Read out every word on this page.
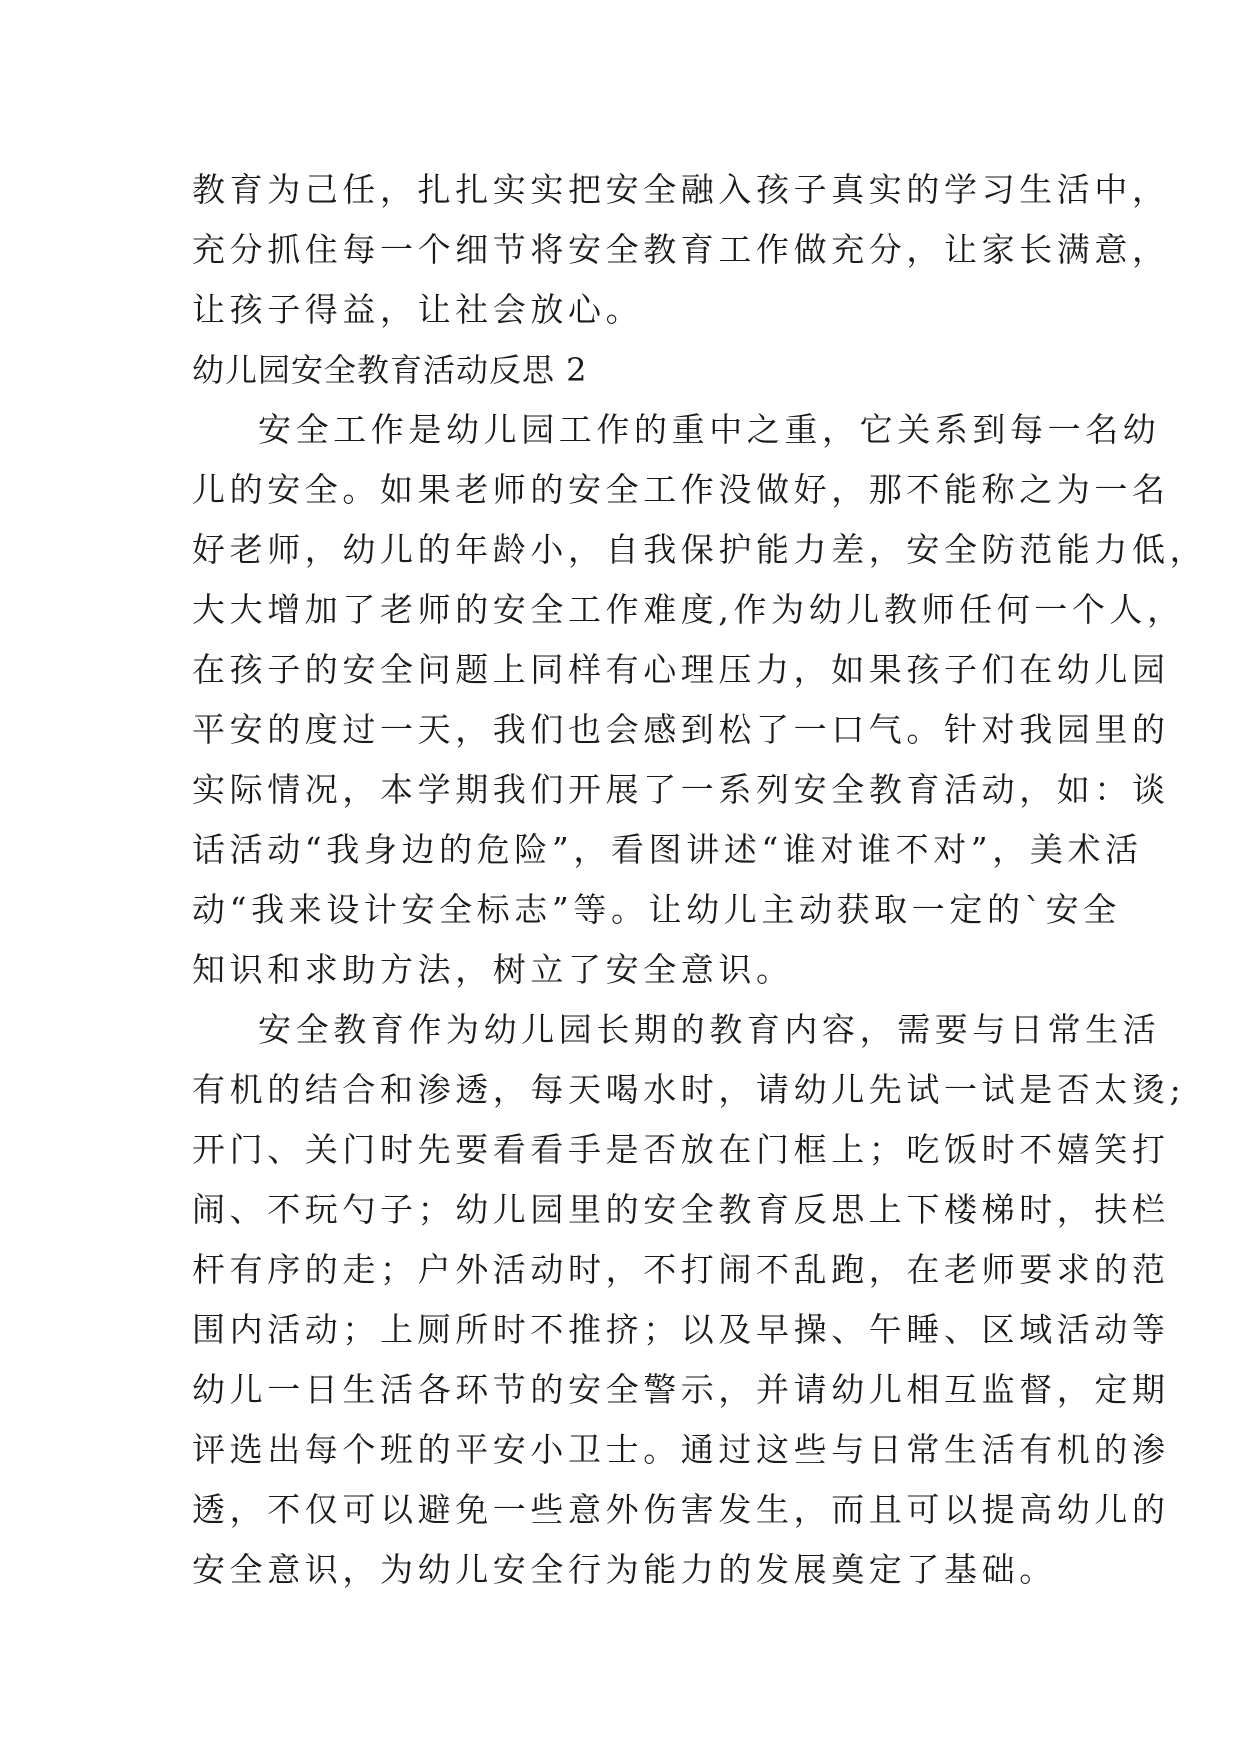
教育为己任，扎扎实实把安全融入孩子真实的学习生活中，
充分抓住每一个细节将安全教育工作做充分，让家长满意，
让孩子得益，让社会放心。
幼儿园安全教育活动反思 2
安全工作是幼儿园工作的重中之重，它关系到每一名幼
儿的安全。如果老师的安全工作没做好，那不能称之为一名
好老师，幼儿的年龄小，自我保护能力差，安全防范能力低，
大大增加了老师的安全工作难度,作为幼儿教师任何一个人，
在孩子的安全问题上同样有心理压力，如果孩子们在幼儿园
平安的度过一天，我们也会感到松了一口气。针对我园里的
实际情况，本学期我们开展了一系列安全教育活动，如：谈
话活动“我身边的危险”，看图讲述“谁对谁不对”，美术活
动“我来设计安全标志”等。让幼儿主动获取一定的`安全
知识和求助方法，树立了安全意识。
安全教育作为幼儿园长期的教育内容，需要与日常生活
有机的结合和渗透，每天喝水时，请幼儿先试一试是否太烫;
开门、关门时先要看看手是否放在门框上；吃饭时不嬉笑打
闹、不玩勺子；幼儿园里的安全教育反思上下楼梯时，扶栏
杆有序的走；户外活动时，不打闹不乱跑，在老师要求的范
围内活动；上厕所时不推挤；以及早操、午睡、区域活动等
幼儿一日生活各环节的安全警示，并请幼儿相互监督，定期
评选出每个班的平安小卫士。通过这些与日常生活有机的渗
透，不仅可以避免一些意外伤害发生，而且可以提高幼儿的
安全意识，为幼儿安全行为能力的发展奠定了基础。
